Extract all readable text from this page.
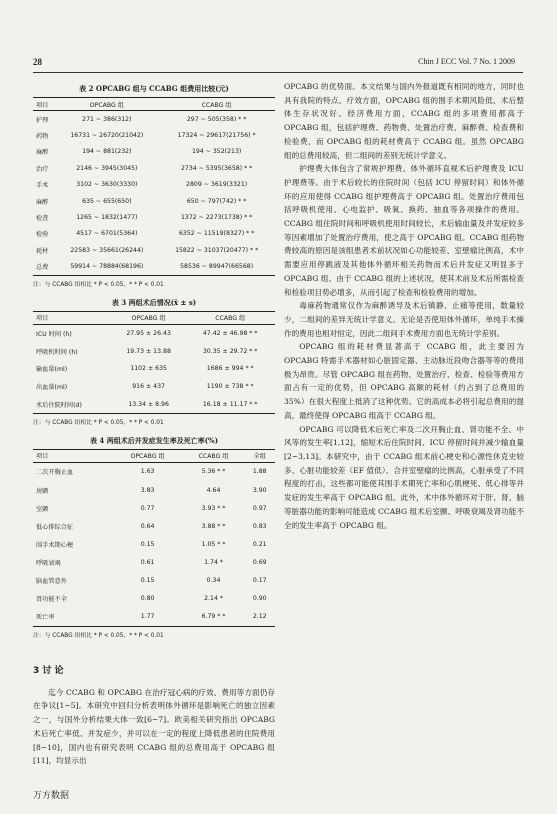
28	Chin J ECC Vol. 7 No. 1 2009
表 2 OPCABG 组与 CCABG 组费用比较(元)
项目	OPCABG 组	CCABG 组
护理	271 ~ 386(312)	297 ~ 505(358) * *
药物	16731 ~ 26720(21042)	17324 ~ 29617(21756) *
麻醉	194 ~ 881(232)	194 ~ 352(213)
治疗	2146 ~ 3945(3045)	2734 ~ 5395(3658) * *
手术	3102 ~ 3630(3330)	2809 ~ 3619(3321)
麻醉	635 ~ 655(650)	650 ~ 797(742) * *
检查	1265 ~ 1832(1477)	1372 ~ 2273(1738) * *
检验	4517 ~ 6701(5364)	6352 ~ 11519(8327) * *
耗材	22583 ~ 35661(26244)	15822 ~ 31037(20477) * *
总费	59914 ~ 78884(68196)	58536 ~ 89947(66568)
注：与 CCABG 组相比 * P < 0.05，* * P < 0.01
表 3 两组术后情况(x̄ ± s)
项目	OPCABG 组	CCABG 组
ICU 时间 (h)	27.95 ± 26.43	47.42 ± 46.98 * *
呼吸机时间 (h)	19.73 ± 13.88	30.35 ± 29.72 * *
输血量(ml)	1102 ± 635	1686 ± 994 * *
出血量(ml)	916 ± 437	1190 ± 738 * *
术后住院时间(d)	13.34 ± 8.96	16.18 ± 11.17 * *
注：与 CCABG 组相比 * P < 0.05，* * P < 0.01
表 4 两组术后并发症发生率及死亡率(%)
项目	OPCABG 组	CCABG 组	全组
二次开胸止血	1.63	5.36 * *	1.88
房颤	3.83	4.64	3.90
室颤	0.77	3.93 * *	0.97
低心排综合征	0.64	3.88 * *	0.83
围手术期心梗	0.15	1.05 * *	0.21
呼吸衰竭	0.61	1.74 *	0.69
脑血管意外	0.15	0.34	0.17
肾功能不全	0.80	2.14 *	0.90
死亡率	1.77	6.79 * *	2.12
注：与 CCABG 组相比 * P < 0.05，* * P < 0.01
3 讨 论

迄今 CCABG 和 OPCABG 在治疗冠心病的疗效、费用等方面仍存在争议[1~5]。本研究中回归分析表明体外循环是影响死亡的独立因素之一，与国外分析结果大体一致[6~7]。欧美相关研究指出 OPCABG 术后死亡率低、并发症少，并可以在一定的程度上降低患者的住院费用[8~10]，国内也有研究表明 CCABG 组的总费用高于 OPCABG 组[11]，均显示出

OPCABG 的优势面。本文结果与国内外报道既有相同的地方，同时也具有我院的特点。疗效方面，OPCABG 组的围手术期风险低、术后整体生存状况好。经济费用方面，CCABG 组的多项费用都高于 OPCABG 组，包括护理费、药物费、处置治疗费、麻醉费、检查费和检验费，而 OPCABG 组的耗材费高于 CCABG 组。虽然 OPCABG 组的总费用较高，但二组间的差别无统计学意义。

护理费大体包含了常规护理费、体外循环直视术后护理费及 ICU 护理费等。由于术后较长的住院时间（包括 ICU 停留时间）和体外循环的应用使得 CCABG 组护理费高于 OPCABG 组。处置治疗费用包括呼吸机使用、心电监护、吸氧、换药、抽血等各项操作的费用。CCABG 组住院时间和呼吸机使用时间较长，术后输血量及并发症较多等因素增加了处置治疗费用，使之高于 OPCABG 组。CCABG 组药物费较高的原因是该组患者术前状况如心功能较差、室壁瘤比例高，术中需要应用停跳液及其他体外循环相关药物而术后并发症又明显多于 OPCABG 组。由于 CCABG 组的上述状况，使其术前及术后所需检查和检验项目势必增多，从而引起了检查和检验费用的增加。

毒麻药物通常仅作为麻醉诱导及术后镇静、止痛等使用，数量较少，二组间的差异无统计学意义。无论是否使用体外循环，单纯手术操作的费用也相对恒定，因此二组间手术费用方面也无统计学差别。

OPCABG 组的耗材费显著高于 CCABG 组，此主要因为 OPCABG 特需手术器材如心脏固定器、主动脉近段吻合器等等的费用极为昂贵。尽管 OPCABG 组在药物、处置治疗、检查、检验等费用方面占有一定的优势，但 OPCABG 高额的耗材（约占到了总费用的 35%）在很大程度上抵消了这种优势。它的高成本必将引起总费用的提高，最终使得 OPCABG 组高于 CCABG 组。

OPCABG 可以降低术后死亡率及二次开胸止血、肾功能不全、中风等的发生率[1,12]，缩短术后住院时间、ICU 停留时间并减少输血量[2~3,13]。本研究中，由于 CCABG 组术前心梗史和心源性休克史较多、心脏功能较差（EF 值低）、合并室壁瘤的比例高，心脏承受了不同程度的打击，这些都可能使其围手术期死亡率和心肌梗死、低心排等并发症的发生率高于 OPCABG 组。此外，术中体外循环对于肝、肾、脑等脏器功能的影响可能造成 CCABG 组术后室颤、呼吸衰竭及肾功能不全的发生率高于 OPCABG 组。

万方数据
